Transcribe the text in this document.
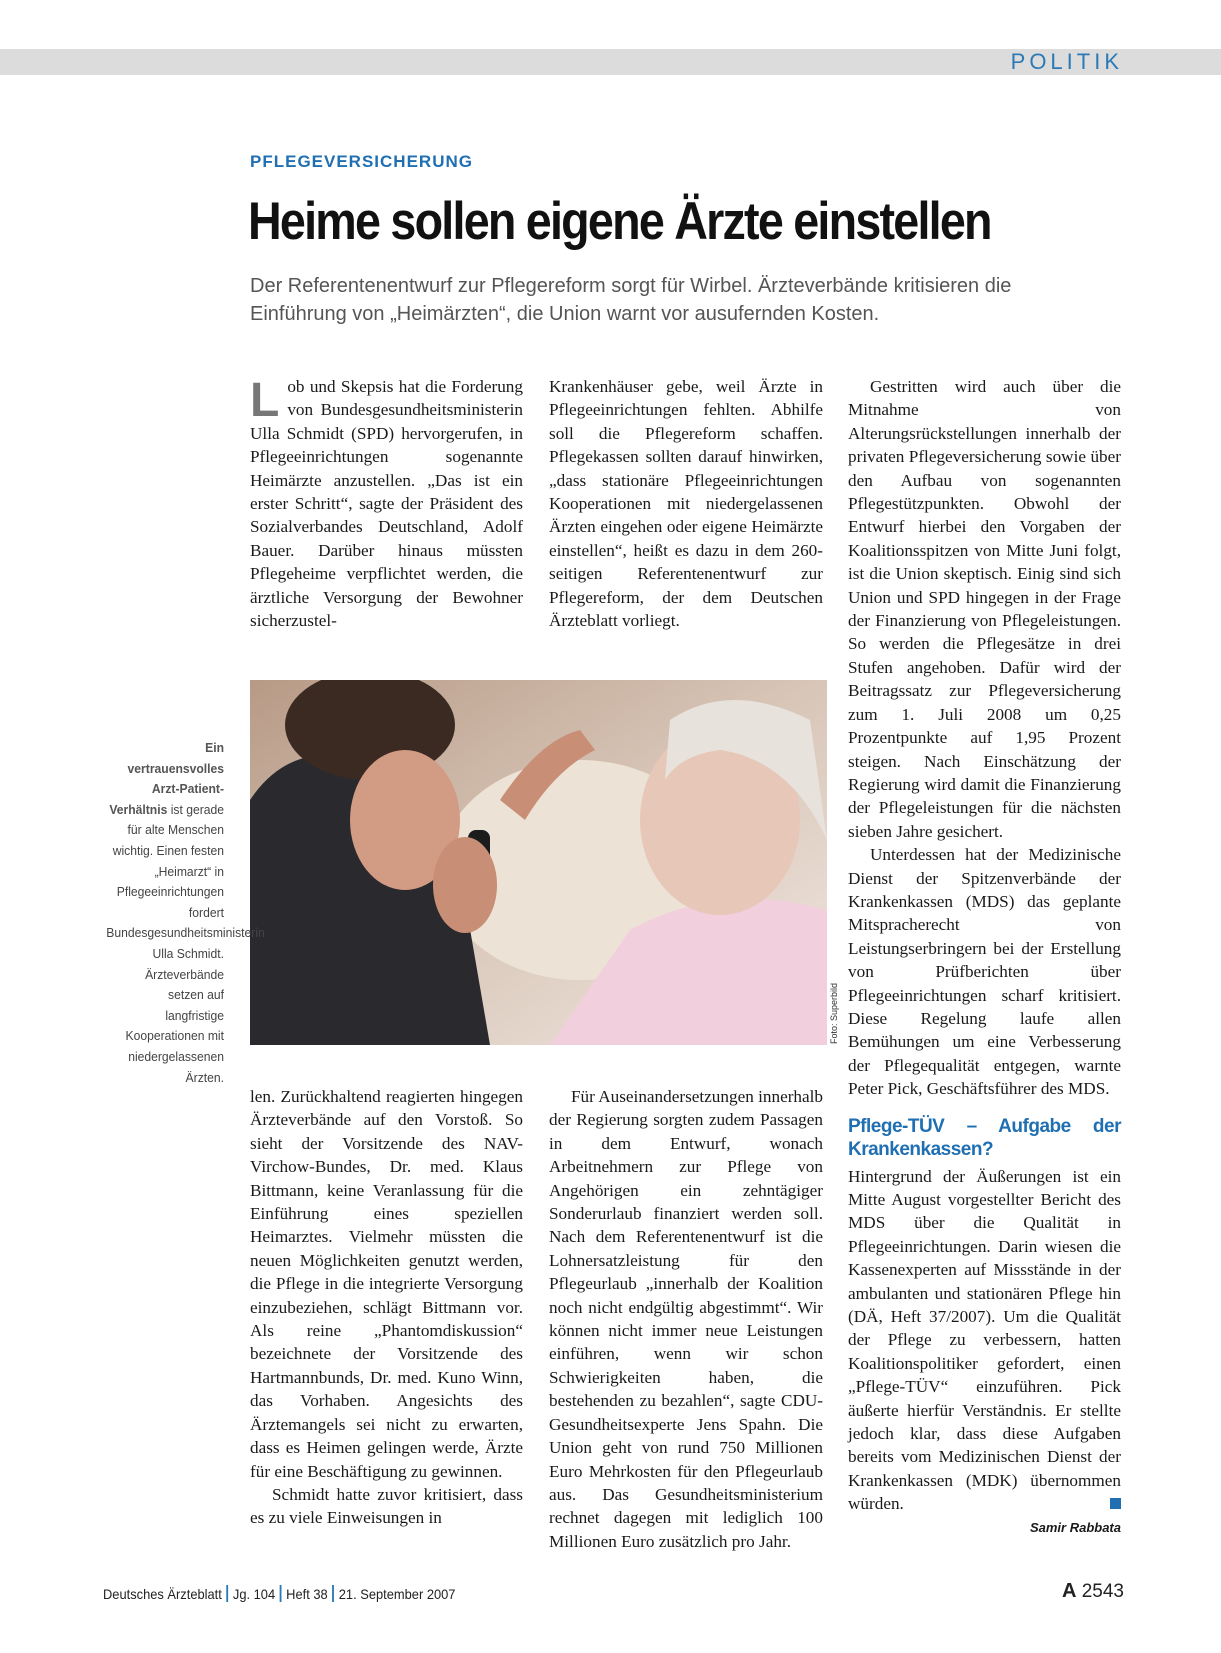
POLITIK
PFLEGEVERSICHERUNG
Heime sollen eigene Ärzte einstellen
Der Referentenentwurf zur Pflegereform sorgt für Wirbel. Ärzteverbände kritisieren die Einführung von „Heimärzten“, die Union warnt vor ausufernden Kosten.

Lob und Skepsis hat die Forderung von Bundesgesundheitsministerin Ulla Schmidt (SPD) hervorgerufen, in Pflegeeinrichtungen sogenannte Heimärzte anzustellen. „Das ist ein erster Schritt“, sagte der Präsident des Sozialverbandes Deutschland, Adolf Bauer. Darüber hinaus müssten Pflegeheime verpflichtet werden, die ärztliche Versorgung der Bewohner sicherzustel-

Krankenhäuser gebe, weil Ärzte in Pflegeeinrichtungen fehlten. Abhilfe soll die Pflegereform schaffen. Pflegekassen sollten darauf hinwirken, „dass stationäre Pflegeeinrichtungen Kooperationen mit niedergelassenen Ärzten eingehen oder eigene Heimärzte einstellen“, heißt es dazu in dem 260-seitigen Referentenentwurf zur Pflegereform, der dem Deutschen Ärzteblatt vorliegt.

Foto: Superbild
Ein vertrauensvolles Arzt-Patient-Verhältnis ist gerade für alte Menschen wichtig. Einen festen „Heimarzt“ in Pflegeeinrichtungen fordert Bundesgesundheitsministerin Ulla Schmidt. Ärzteverbände setzen auf langfristige Kooperationen mit niedergelassenen Ärzten.

len. Zurückhaltend reagierten hingegen Ärzteverbände auf den Vorstoß. So sieht der Vorsitzende des NAV-Virchow-Bundes, Dr. med. Klaus Bittmann, keine Veranlassung für die Einführung eines speziellen Heimarztes. Vielmehr müssten die neuen Möglichkeiten genutzt werden, die Pflege in die integrierte Versorgung einzubeziehen, schlägt Bittmann vor. Als reine „Phantomdiskussion“ bezeichnete der Vorsitzende des Hartmannbunds, Dr. med. Kuno Winn, das Vorhaben. Angesichts des Ärztemangels sei nicht zu erwarten, dass es Heimen gelingen werde, Ärzte für eine Beschäftigung zu gewinnen.

Schmidt hatte zuvor kritisiert, dass es zu viele Einweisungen in

Für Auseinandersetzungen innerhalb der Regierung sorgten zudem Passagen in dem Entwurf, wonach Arbeitnehmern zur Pflege von Angehörigen ein zehntägiger Sonderurlaub finanziert werden soll. Nach dem Referentenentwurf ist die Lohnersatzleistung für den Pflegeurlaub „innerhalb der Koalition noch nicht endgültig abgestimmt“. Wir können nicht immer neue Leistungen einführen, wenn wir schon Schwierigkeiten haben, die bestehenden zu bezahlen“, sagte CDU-Gesundheitsexperte Jens Spahn. Die Union geht von rund 750 Millionen Euro Mehrkosten für den Pflegeurlaub aus. Das Gesundheitsministerium rechnet dagegen mit lediglich 100 Millionen Euro zusätzlich pro Jahr.

Gestritten wird auch über die Mitnahme von Alterungsrückstellungen innerhalb der privaten Pflegeversicherung sowie über den Aufbau von sogenannten Pflegestützpunkten. Obwohl der Entwurf hierbei den Vorgaben der Koalitionsspitzen von Mitte Juni folgt, ist die Union skeptisch. Einig sind sich Union und SPD hingegen in der Frage der Finanzierung von Pflegeleistungen. So werden die Pflegesätze in drei Stufen angehoben. Dafür wird der Beitragssatz zur Pflegeversicherung zum 1. Juli 2008 um 0,25 Prozentpunkte auf 1,95 Prozent steigen. Nach Einschätzung der Regierung wird damit die Finanzierung der Pflegeleistungen für die nächsten sieben Jahre gesichert.

Unterdessen hat der Medizinische Dienst der Spitzenverbände der Krankenkassen (MDS) das geplante Mitspracherecht von Leistungserbringern bei der Erstellung von Prüfberichten über Pflegeeinrichtungen scharf kritisiert. Diese Regelung laufe allen Bemühungen um eine Verbesserung der Pflegequalität entgegen, warnte Peter Pick, Geschäftsführer des MDS.

Pflege-TÜV – Aufgabe der Krankenkassen?

Hintergrund der Äußerungen ist ein Mitte August vorgestellter Bericht des MDS über die Qualität in Pflegeeinrichtungen. Darin wiesen die Kassenexperten auf Missstände in der ambulanten und stationären Pflege hin (DÄ, Heft 37/2007). Um die Qualität der Pflege zu verbessern, hatten Koalitionspolitiker gefordert, einen „Pflege-TÜV“ einzuführen. Pick äußerte hierfür Verständnis. Er stellte jedoch klar, dass diese Aufgaben bereits vom Medizinischen Dienst der Krankenkassen (MDK) übernommen würden.

Samir Rabbata
Deutsches Ärzteblatt Jg. 104 Heft 38 21. September 2007	A 2543
